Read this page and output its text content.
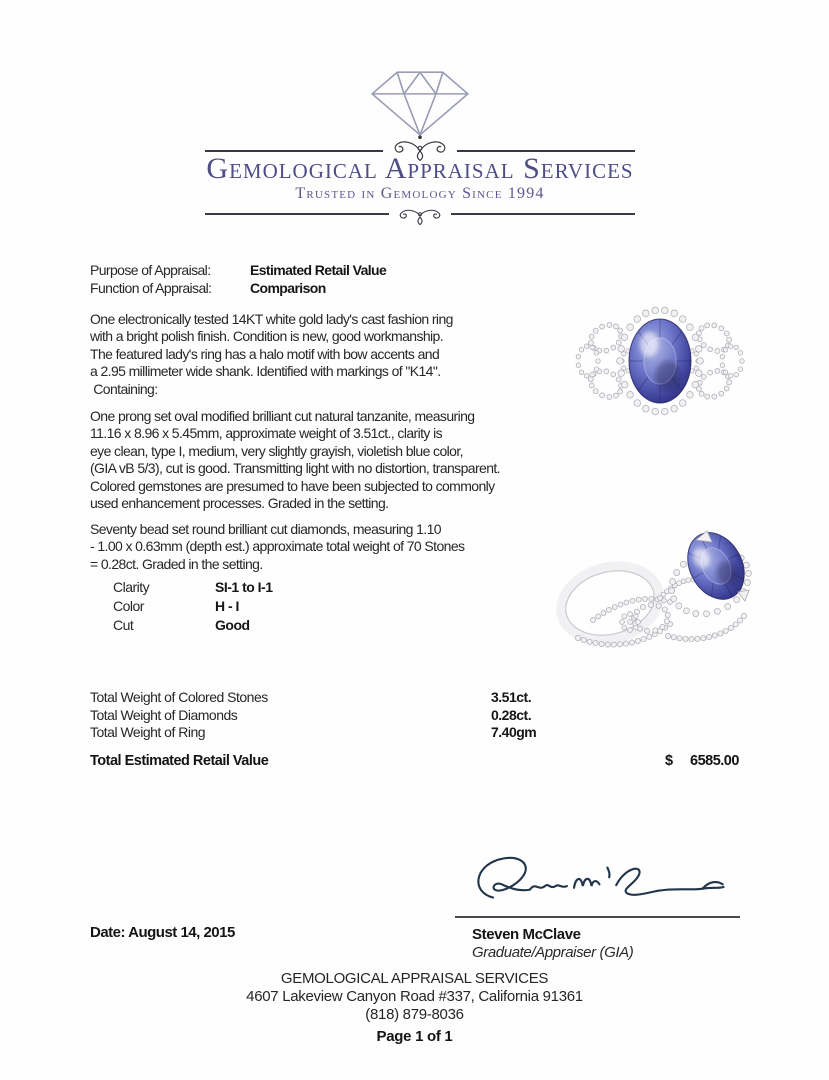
Gemological Appraisal Services
Trusted in Gemology Since 1994
Purpose of Appraisal:	Estimated Retail Value
Function of Appraisal:	Comparison
One electronically tested 14KT white gold lady's cast fashion ring
with a bright polish finish. Condition is new, good workmanship.
The featured lady's ring has a halo motif with bow accents and
a 2.95 millimeter wide shank. Identified with markings of "K14".
Containing:
One prong set oval modified brilliant cut natural tanzanite, measuring
11.16 x 8.96 x 5.45mm, approximate weight of 3.51ct., clarity is
eye clean, type I, medium, very slightly grayish, violetish blue color,
(GIA vB 5/3), cut is good. Transmitting light with no distortion, transparent.
Colored gemstones are presumed to have been subjected to commonly
used enhancement processes. Graded in the setting.
Seventy bead set round brilliant cut diamonds, measuring 1.10
- 1.00 x 0.63mm (depth est.) approximate total weight of 70 Stones
= 0.28ct. Graded in the setting.
Clarity	SI-1 to I-1
Color	H - I
Cut	Good
Total Weight of Colored Stones	3.51ct.
Total Weight of Diamonds	0.28ct.
Total Weight of Ring	7.40gm
Total Estimated Retail Value	$ 6585.00
Date: August 14, 2015	Steven McClave
Graduate/Appraiser (GIA)
GEMOLOGICAL APPRAISAL SERVICES
4607 Lakeview Canyon Road #337, California 91361
(818) 879-8036
Page 1 of 1
